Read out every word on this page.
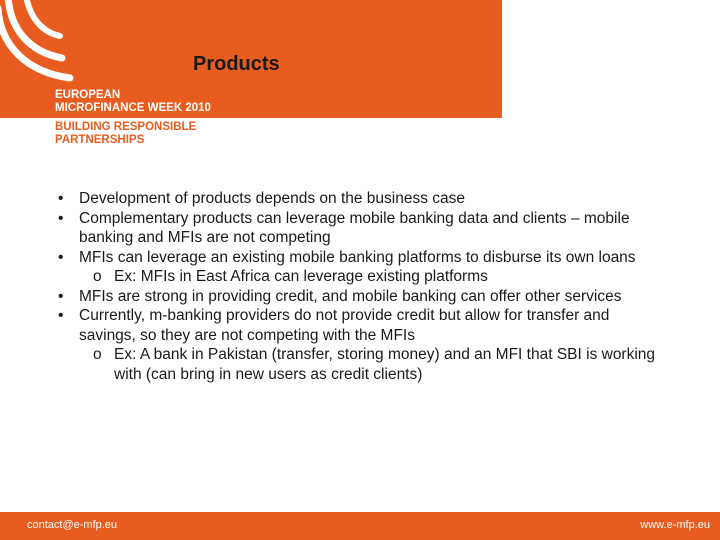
Products
EUROPEAN
MICROFINANCE WEEK 2010
BUILDING RESPONSIBLE
PARTNERSHIPS
• Development of products depends on the business case
• Complementary products can leverage mobile banking data and clients – mobile banking and MFIs are not competing
• MFIs can leverage an existing mobile banking platforms to disburse its own loans
o Ex: MFIs in East Africa can leverage existing platforms
• MFIs are strong in providing credit, and mobile banking can offer other services
• Currently, m-banking providers do not provide credit but allow for transfer and savings, so they are not competing with the MFIs
o Ex: A bank in Pakistan (transfer, storing money) and an MFI that SBI is working with (can bring in new users as credit clients)
contact@e-mfp.eu	www.e-mfp.eu
